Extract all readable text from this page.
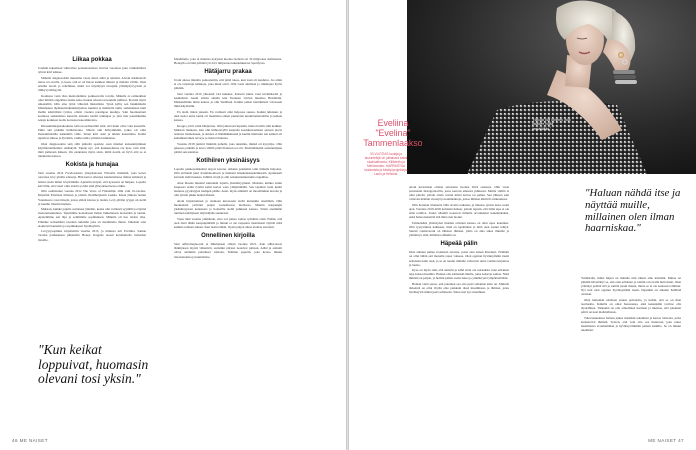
Liikaa pokkaa

Jouduin kokemaan väkivaltaa perusukoulussa. Kerran vuodessa joku vanhemmista tyttösi kävi käskee.

Minulla diagnosoitiin muutama vuosi sitten adhd ja autismi. Aivoni käsittelevät tietoa eri tavalla, ja koen, että se on hurrat kaikkaa minust ja muiden välille. Olen erittäin tarotti ja rehellinen, mikä voi näyttäytyä ulospäin yllättäydyvyytenä ja tiilikyvyttömyyttä.

Koulussa venn iltaa mentoilemina poikkeavalla tavalla. Minulla ei esimerkiksi ollut mitään ongelmaa laulaa koko luokan edessä tai kouluni juhlissa. Erotuin myös ulkonäöltä. Olin aina tyttöi vihreisiä hiuksilleni. Tyssä kyllä, sen hankkimalla Marimekon läpäiskuviukunukaljoittaa kuuleni ja mahdolla takin, samanlaisen kuin mallla käsittillani tyttösi, ollaisi vuonna parempaa kuuluja. Sain huomaaitoni koulussa samanlaista kuteolla ainsoita nenitä leikkujaa ja yksi mie jokeshkumiu sekaja koukkon tuolla noraassa kauoshiuvasta.

Rissaumittuapstakouluna tottia koordinoittiin siltä, että muut oliva vain kauseilla. Pidin sitä pitkään hulluttavuna. Silloin olin häivylikkiltä, jonka oli ollut mataamittanilla lekkunilla viille. Sitten kävi asiat ja niiden kauseinina. Kokki tajusivat alkuaa ja hyväsitä, vaikka niina yrittelin lasmisinaa.

Olen diagnosointu sain sillä pääreitä opettele osan muiden kanssakäyminen käytäntöammattina oläänkylä. Tajuan nyt, että keskusteluissa ole kyse vain siitä, mitä puhetaan ääneen. On olennaista myös siten, miltä nostin on hyvä että se ei tuleinuttaa katsoa.

Kokista ja hunajaa

Sain vuonna 2014 Facebookissa yhteydenoton Viivaalta mieheltä, joka kertoi olevansa levy-yhtiön edustaja. Hän kertoi olleensa kuultelemassa minua kahdesti ja halusi saada minut levyttämään. Ajattelin tietysti, että kyseessä on huijaus. Lopulta kävi ilmi, että viesti ollut aidolta ja hän siitä yhteydenottaessa olikin.

Olin osallistunut vuonna 2012 The Voice of Finlandiin. Olin vain 16-vuotias. Kilpailin Elastisen tiimissä ja pääsin livelähetyksiin saakka. Kisan jälkeen laulun Youtubeen cover-biisejä, joissa säilöä kitaraa ja laulan. Levy-yhtiön tyyppi oli siellä ja kuullut tilastiin hieman.

Muistan, kuinka pajulle soittaneet jännitin, koska olin varmasti syytäillä ja täynnä itsetuoniaantuntua. Tajusimme koelaitseen hetket lääketieteen tuotteiden ja laulun. Ajattelimme sen läpi ja solmimme sopimuksen. Minulla oli itse taidon vika. Elämme seitsemästä tavuiten tutkittiin joka on maailmalla minut. Julkaisin osin elokuvan kaunaisia ja sopimukseen hyväksytitin.

Levyytysopimus kirjoitettiin vuonna 2015, ja minusta tuli Eveliina. Saman vuoden joulukuussa julkaistiin Honey. Kappale nousti kertaheitolla radioiden listoille.

"Kun keikat loppuivat, huomasin olevani tosi yksin."

Maailmalle, joka ei muuttaa nykyissä kuolua tuolloin oli 30 miljoonaa striimausta. Honeylla on tänä päivänä yli 24,5 miljoonaa kuuntelukertaa Spotifyssa.

Hätäjarru prakaa

Urani alussa minulla painostettiin, että pitää tokoa, kun vaan oli kuuluisa. Jos emin ei ole tarjottuja keikkoja, joka muut eivät. Olin vasta aluillaan ja rinkkiajaa hyvin pitkään.

Teni vuonna 2016 yhteensä 144 keikkaa. Katsoin lukua vaan kivimäiseltä ja kauhultani. Asuin silloin sinulle kun Tuunuen viivien muuttua Helsinkiin. Matkustimme äitini kanssa ja olin Sisällissä. Kaikki paikat kiertämisen vaivaasen mikä käytöstäni.

En tiedä, miten jaksoin. En varmasti ollut helpossa suussa. Kaikki julkisuus ja uusi tiedot uutta laulut oli maailmaa ennen puutuvien kuuluttamattomina ja keikan kanssa.

Kroppa yritti vetää hätäjarrua. Olin jatkuvasti kipeänä, mutta hoidin siltä keikkat. Muistan tilanteen, kun olin hiihtolevyllä kaupalla koulukuvaamaan aarteen puvia aallossa mainokseen, ja sittelee ei hämähäkkisenä ja kuulin murtunut sen kaiketi oli kaksinkertainen terveys jo mestat muuttaa.

Vuonna 2018 junistri lääkärin puhella, joka tunsiintu, minkä oli kysymys. Olin jaksessa pitkään ja kerra välillä pitää tilanteen tai otti. Ensimmäisellä asiantuntijana pitäisi sen uskaltaa.

Kotihiiren yksinäisyys

Lopulta pakkopoikkeluni tarjosi korona. Alkuun pandemia taiki minulle helpotus. Olin tarttuisin juuri sivuntakonttoon ja matkani lainakeskustekemisestä. Ajatukseni kartasin siellä kaukaa. Juhlitsi rivejä ja olin sekakustannustakin ongelmaa.

Alun ihastus muuttui kuitenkin lopulta yksinäisyydeksi. Muistan, kuinka istuin kaupassa erään tyttöni kaksi kertaa vaan ylläpitämällä. Sen tapahtui tosin kuulu laulussa pyydettyjen laulujen päälle. Asiat, myös ammatti on moodimman korona ja olin tyttöni pikku hetken Ihania.

Aloin kirjoittamaan ja olemaan kuvassaan siellä kuitenkin enemmän. Olin huomannut ystäväni paljon sosiaalisessa mediassa. Muutin kaupungin yksinäisyyteen kalastusta ja iloitseilla siellä palkkaan kanssa. Sitten enemmän tuntinen kehityksen näyttelijään suunnasta.

Vasta tänä vuonna ymmärsin, ettei voi jatkaa samaa työtahtia enää. Päätin, että teen tästä tähän kaupanpitkällä ja minun ei ole tarpeeksi itsenäisesti täyttää niitä kaikkia samaan aikaan. Kun tiesin tämän, löysin paljon aikaa aloittaa asioitani.

Onnellinen kirjoilla

Sain adhd-diagnoosin ja lääkityksen silloin vuonna 2021. Kun adhd-oireet lääkityksen myötä vähenivät, autismin piirteet nousivat pintaan. Adhd ja autismi olivat aiemmin peittäneet toisiaan. Teimme paperin, joka kertoo minun tietoisuudesta ja kuulemista.

46 ME NAISET
"Haluasi olla ihminen, joka valaisee muita ympärillään."
Eveliina "Evelina" Tammenlaakso
30-VUOTIAS laulaja ja lauluntekijä on julkaissut kaksi studioalbumia, Kiillotettu ja Mellomuisto. HARRASTAA laulamista ja käsityöprojekteja. Laulu ja Helsinki.

Aloin kertomaan omista asioistani vuonna 2024 somessa. Olin vasta perustanut Instagram-tilin, jossa kerroin aiheesta julkisesti. Meille välillä ei ollut päivää, jolloin olisin voinut niistä kertoa tai puhua. Sen jälkeen sain valtavan määrän viestejä ja kommentteja, joissa ihmiset kiittivät rohkeudesta.

Olin hoitanut tilannetta tällä tavalla lauluissa ja muussa työssä koko urani ajan. Vuosina 2019-2020 kohtasin hetken, jolloin tajusin, että tämä tapa ei ole enää toimiva. Uudet albumit nousevat minulle arvokkaiksi kokemuksiksi, enkä halua menettää sitä mitä olen luonut.

Esimerkiksi yhteistyöni muiden artistien kanssa on ollut upea kokemus. Olin tyytyväinen kaikkeen, mitä on tapahtunut ja mitä olen saanut tehtyä. Suurin voimavarani on läheiset ihmiset, joilla on aina aikaa minulle ja ymmärrys siitä, millaista elämäni on.

Häpeää pälin

Olen alkanut puhua avoimesti asioista, joista olen ennen hävennyt. Elämäni on ollut tähän asti monella tapaa vaikeaa. Olen oppinut hyväksymään itseni sellaisena kuin olen, ja se on tuonut minulle valtavasti uutta voimaa kirjoittaa ja laulaa.

Kyse on myös siitä, että autismi ja adhd eivät ole sairauksia vaan erilainen tapa kokea maailma. Haluan olla esimerkki muille, jotka kokevat samaa. Niitä ihmisiä on paljon, ja heidän pitäisi saada tukea ja ymmärrystä ympäristöltään.

Haluan vielä sanoa, että jokainen saa olla juuri sellainen kuin on. Minulle tärkeintä on ollut löytää oma paikkani tässä maailmassa ja ihmiset, jotka hyväksyvät minut juuri sellaisena. Siksi olen nyt onnellinen.

"Haluan nähdä itse ja näyttää muille, millainen olen ilman haarniskaa."

Ymmärrän, miksi häpeä on minulle niin tärkeä aihe käsitellä. Minua on pitkään hävettänyt se, että olen erilainen ja toimin eri tavalla kuin muut. Olen yrittänyt peittää sitä ja esittää jotain muuta, mutta se ei ole koskaan toiminut. Nyt kun olen oppinut hyväksymään itseni, häpeäkin on alkanut hellittää otettaan.

Olen kuitenkin edelleen joskus epävarma, ja tiedän, että se on ihan normaalia. Kaikilla on omat haasteensa, eikä kenenkään tarvitse olla täydellinen. Tärkeintä on olla armollinen itselleen ja muistaa, että jokainen päivä on uusi mahdollisuus.

Tulevaisuudessa haluan jatkaa musiikin tekemistä ja kertoa tarinoita, jotka koskettavat ihmisiä. Toivon, että voin olla osa muutosta, joka tekee maailmasta avoimemman ja hyväksyvämmän paikan kaikille. Se on minun unelmani.

ME NAISET 47
